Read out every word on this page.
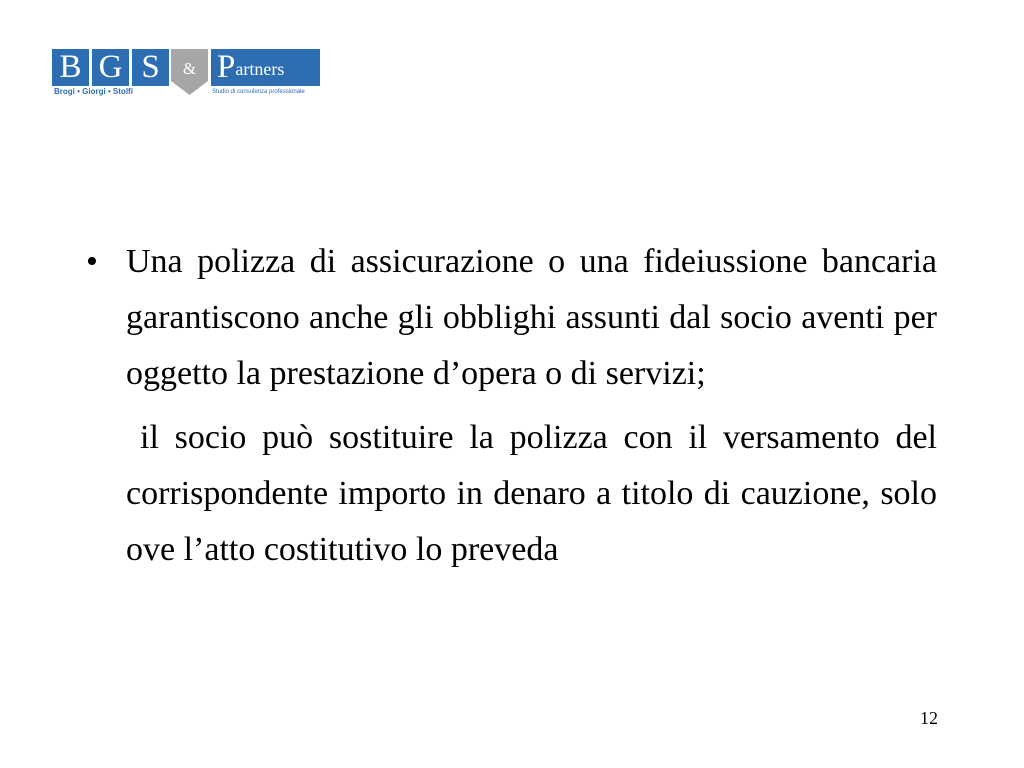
B G S	& Partners
Brogi • Giorgi • Stolfi	Studio di consulenza professionale
• Una polizza di assicurazione o una fideiussione bancaria garantiscono anche gli obblighi assunti dal socio aventi per oggetto la prestazione d’opera o di servizi;
il socio può sostituire la polizza con il versamento del corrispondente importo in denaro a titolo di cauzione, solo ove l’atto costitutivo lo preveda
12
